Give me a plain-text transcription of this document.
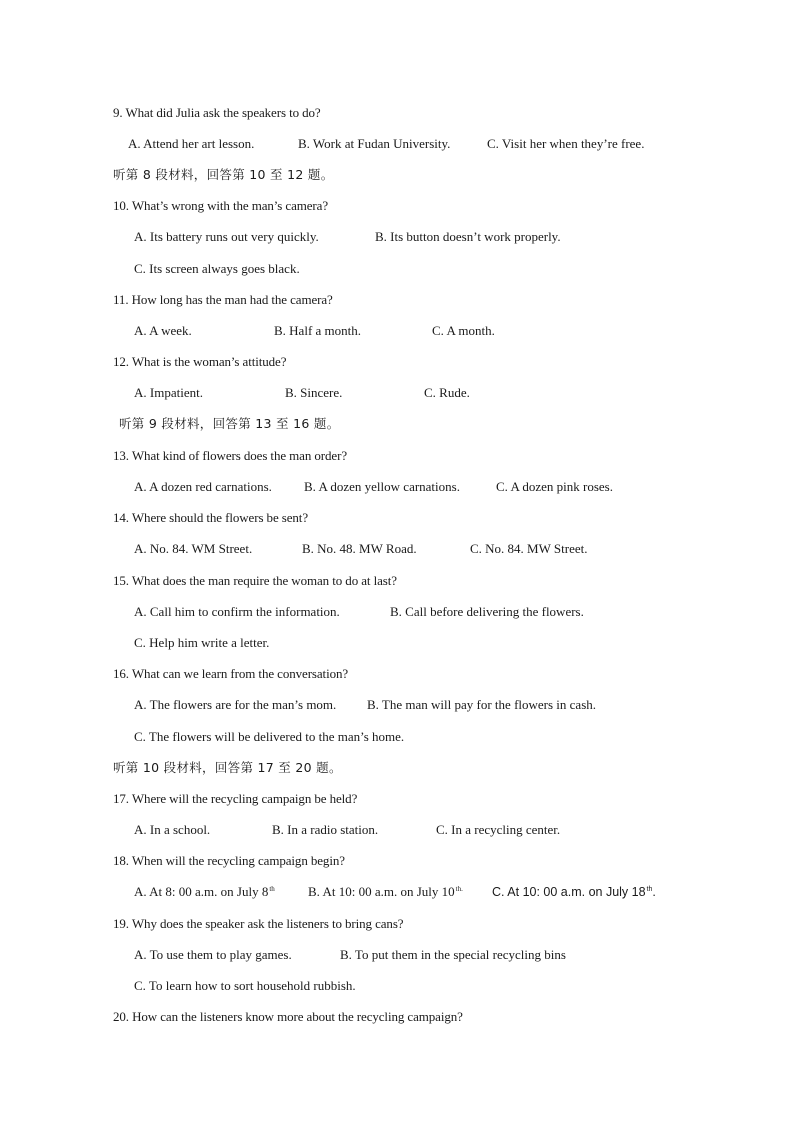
9. What did Julia ask the speakers to do?
A. Attend her art lesson.	B. Work at Fudan University.	C. Visit her when they’re free.
听第 8 段材料，回答第 10 至 12 题。
10. What’s wrong with the man’s camera?
A. Its battery runs out very quickly.	B. Its button doesn’t work properly.
C. Its screen always goes black.
11. How long has the man had the camera?
A. A week.	B. Half a month.	C. A month.
12. What is the woman’s attitude?
A. Impatient.	B. Sincere.	C. Rude.
听第 9 段材料，回答第 13 至 16 题。
13. What kind of flowers does the man order?
A. A dozen red carnations. B. A dozen yellow carnations.	C. A dozen pink roses.
14. Where should the flowers be sent?
A. No. 84. WM Street.	B. No. 48. MW Road.	C. No. 84. MW Street.
15. What does the man require the woman to do at last?
A. Call him to confirm the information.	B. Call before delivering the flowers.
C. Help him write a letter.
16. What can we learn from the conversation?
A. The flowers are for the man’s mom. B. The man will pay for the flowers in cash.
C. The flowers will be delivered to the man’s home.
听第 10 段材料，回答第 17 至 20 题。
17. Where will the recycling campaign be held?
A. In a school.	B. In a radio station.	C. In a recycling center.
18. When will the recycling campaign begin?
A. At 8: 00 a.m. on July 8th	B. At 10: 00 a.m. on July $10^{th.}$ C. At 10: 00 a.m. on July 18th.
19. Why does the speaker ask the listeners to bring cans?
A. To use them to play games.	B. To put them in the special recycling bins
C. To learn how to sort household rubbish.
20. How can the listeners know more about the recycling campaign?
